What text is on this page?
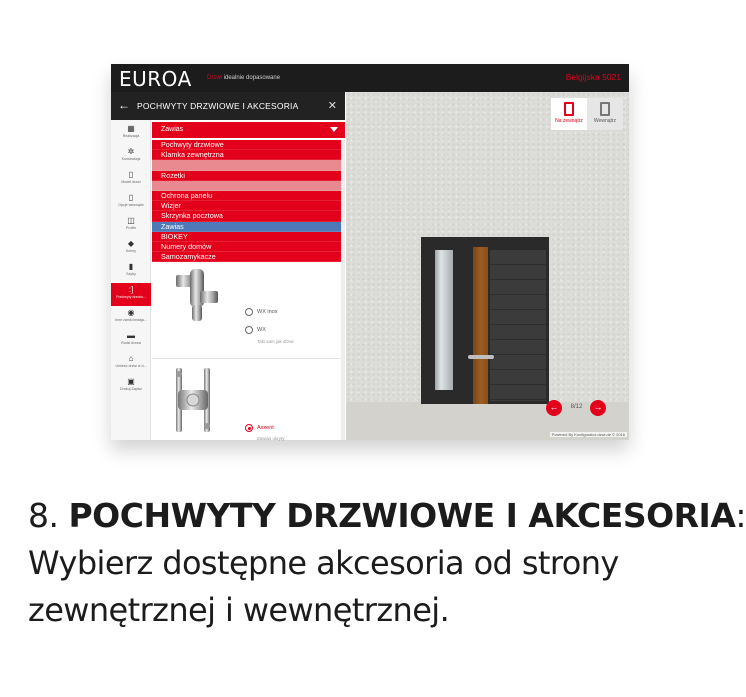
EUROA	Drzwi idealnie dopasowane	Belgijska 5021
← POCHWYTY DRZWIOWE I AKCESORIA	✕
▦
Realizacja
✲
Konstrukcja
▯
Model drzwi
▯
Opcje wewnątrz
◫
Profile
◆
Kolory
▮
Szyby
:]
Pochwyty drzwio...
◉
Inne zamki instaja...
▬
Rodzi drzwa
⌂
Umieść drzwi w d...
▣
Drukuj Zapisz
Zawias
Pochwyty drzwiowe
Klamka zewnętrzna
Rozetki
Ochrona panelu
Wizjer
Skrzynka pocztowa
Zawias
BIOKEY
Numery domów
Samozamykacze
WX inox
WX
Taki sam jak drzwi
Axxent
Zawias ukryty
Na zewnątrz	Wewnątrz
←	8/12	→
Powered By Konfigurator-dzwi.de © 2016
8. POCHWYTY DRZWIOWE I AKCESORIA:
Wybierz dostępne akcesoria od strony
zewnętrznej i wewnętrznej.
